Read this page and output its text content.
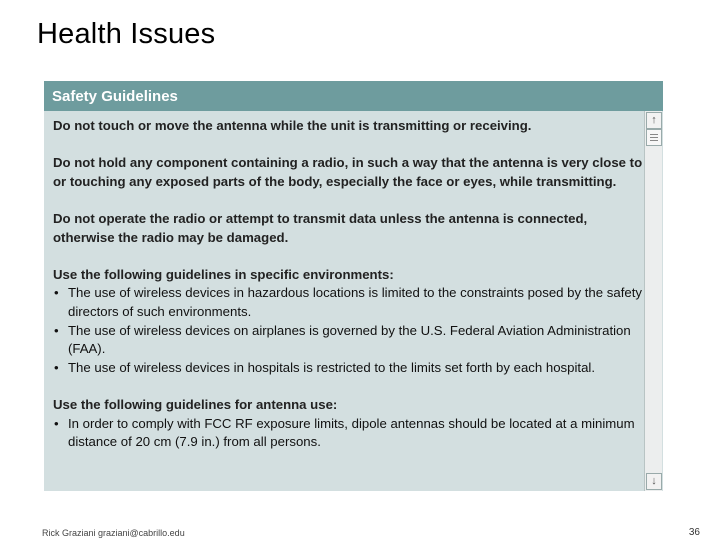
Health Issues
Safety Guidelines

Do not touch or move the antenna while the unit is transmitting or receiving.

Do not hold any component containing a radio, in such a way that the antenna is very close to or touching any exposed parts of the body, especially the face or eyes, while transmitting.

Do not operate the radio or attempt to transmit data unless the antenna is connected, otherwise the radio may be damaged.

Use the following guidelines in specific environments:
• The use of wireless devices in hazardous locations is limited to the constraints posed by the safety directors of such environments.
• The use of wireless devices on airplanes is governed by the U.S. Federal Aviation Administration (FAA).
• The use of wireless devices in hospitals is restricted to the limits set forth by each hospital.
Use the following guidelines for antenna use:
• In order to comply with FCC RF exposure limits, dipole antennas should be located at a minimum distance of 20 cm (7.9 in.) from all persons.
↑
↓
Rick Graziani graziani@cabrillo.edu	36
